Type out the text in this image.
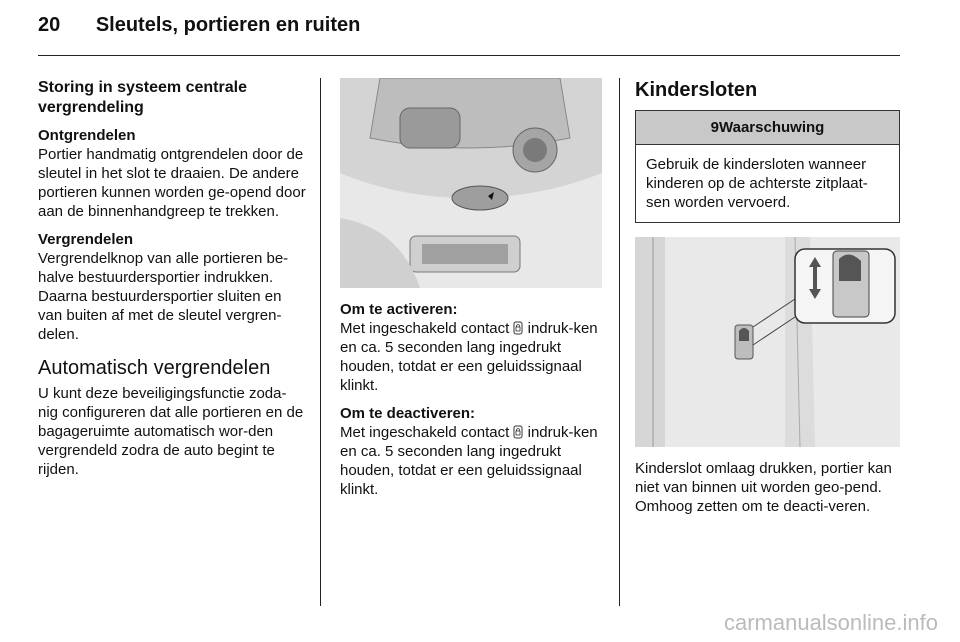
20 Sleutels, portieren en ruiten
Storing in systeem centrale vergrendeling
Ontgrendelen

Portier handmatig ontgrendelen door de sleutel in het slot te draaien. De andere portieren kunnen worden ge-opend door aan de binnenhandgreep te trekken.

Vergrendelen

Vergrendelknop van alle portieren be-halve bestuurdersportier indrukken. Daarna bestuurdersportier sluiten en van buiten af met de sleutel vergren-delen.

Automatisch vergrendelen

U kunt deze beveiligingsfunctie zoda-nig configureren dat alle portieren en de bagageruimte automatisch wor-den vergrendeld zodra de auto begint te rijden.

Om te activeren:

Met ingeschakeld contact indruk-ken en ca. 5 seconden lang ingedrukt houden, totdat er een geluidssignaal klinkt.

Om te deactiveren:

Met ingeschakeld contact indruk-ken en ca. 5 seconden lang ingedrukt houden, totdat er een geluidssignaal klinkt.

Kindersloten
9Waarschuwing
Gebruik de kindersloten wanneer kinderen op de achterste zitplaat-sen worden vervoerd.

Kinderslot omlaag drukken, portier kan niet van binnen uit worden geo-pend. Omhoog zetten om te deacti-veren.

carmanualsonline.info
